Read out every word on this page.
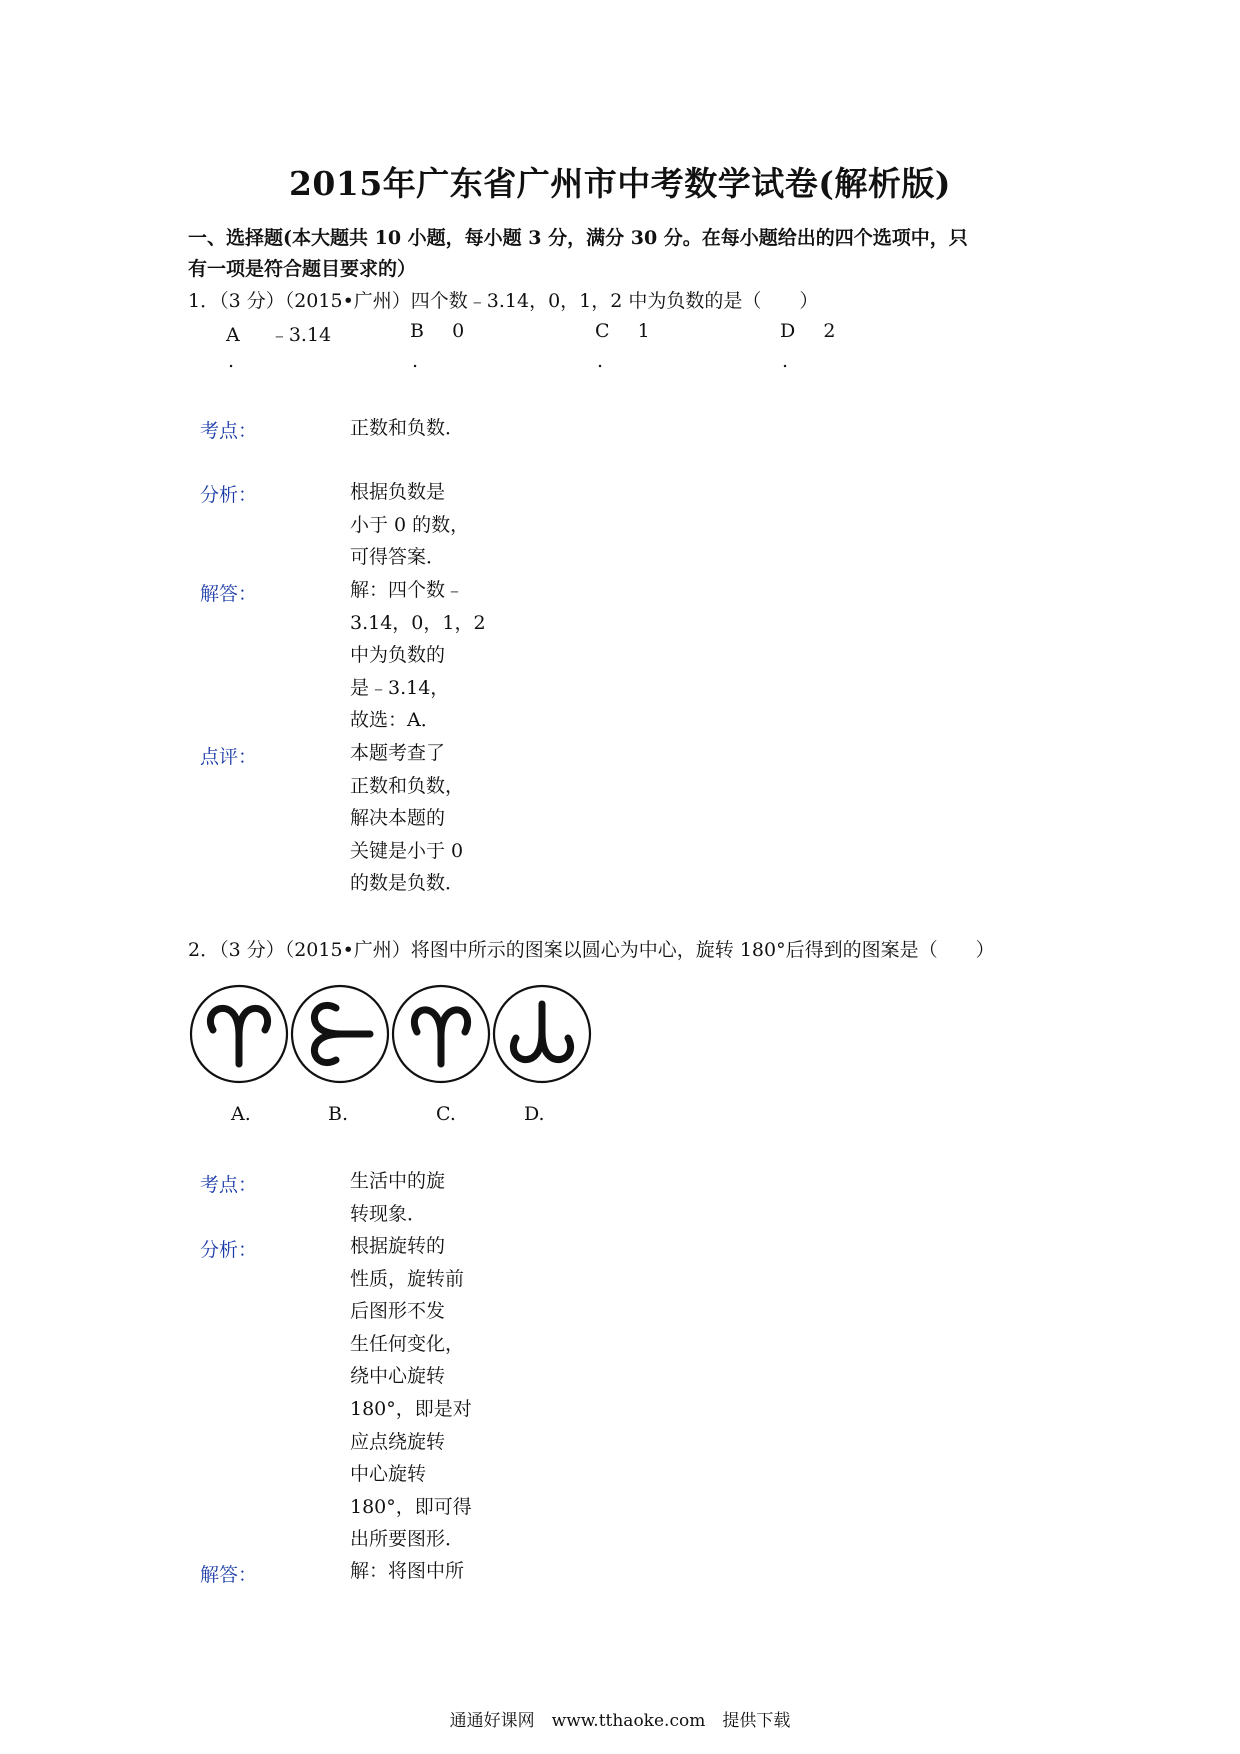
2015年广东省广州市中考数学试卷(解析版)
一、选择题(本大题共 10 小题，每小题 3 分，满分 30 分。在每小题给出的四个选项中，只
有一项是符合题目要求的）
1．（3 分）（2015•广州）四个数﹣3.14，0，1，2 中为负数的是（　　）
A ﹣3.14
.
B 0
.
C 1
.
D 2
.
考点：	正数和负数．
分析：	根据负数是
小于 0 的数，
可得答案．
解答：	解：四个数﹣
3.14，0，1，2
中为负数的
是﹣3.14，
故选：A．
点评：	本题考查了
正数和负数，
解决本题的
关键是小于 0
的数是负数．
2．（3 分）（2015•广州）将图中所示的图案以圆心为中心，旋转 180°后得到的图案是（　　）
A.	B.	C.	D.
考点：	生活中的旋
转现象．
分析：	根据旋转的
性质，旋转前
后图形不发
生任何变化，
绕中心旋转
180°，即是对
应点绕旋转
中心旋转
180°，即可得
出所要图形．
解答：	解：将图中所
通通好课网　www.tthaoke.com　提供下载
